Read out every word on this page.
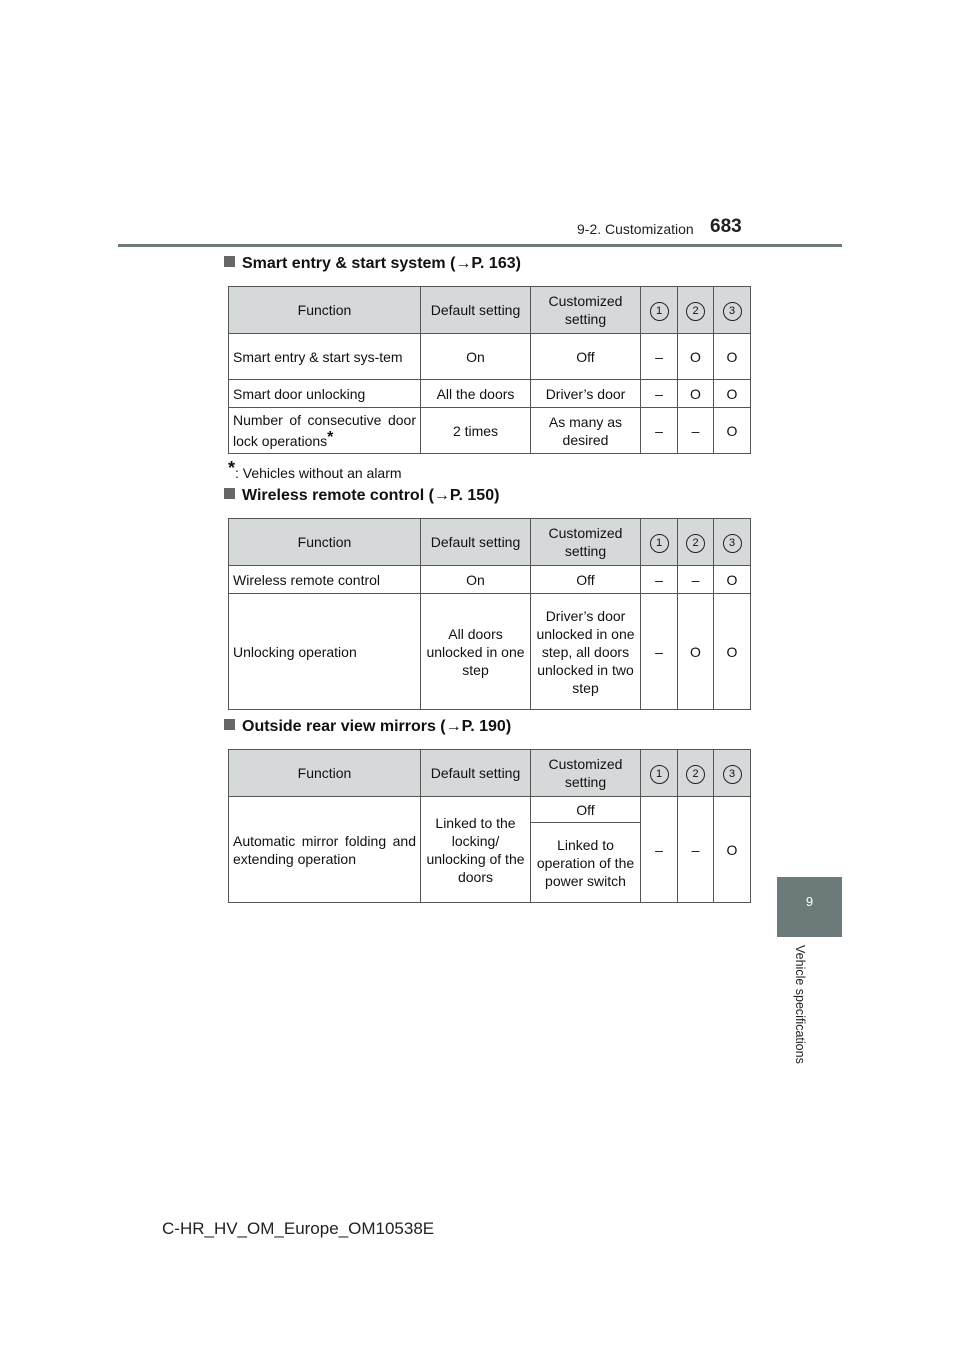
9-2. Customization 683
9
Vehicle specifications
Smart entry & start system (→P. 163)
Function	Default setting	Customized setting	1	2	3
Smart entry & start sys-tem	On	Off	–	O	O
Smart door unlocking	All the doors	Driver’s door	–	O	O
Number of consecutive door lock operations*	2 times	As many as desired	–	–	O
*: Vehicles without an alarm
Wireless remote control (→P. 150)
Function	Default setting	Customized setting	1	2	3
Wireless remote control	On	Off	–	–	O
Unlocking operation	All doors unlocked in one step	Driver’s door unlocked in one step, all doors unlocked in two step	–	O	O
Outside rear view mirrors (→P. 190)
Function	Default setting	Customized setting	1	2	3
Automatic mirror folding and extending operation	Linked to the locking/ unlocking of the doors	Off	–	–	O
		Linked to operation of the power switch			
C-HR_HV_OM_Europe_OM10538E
